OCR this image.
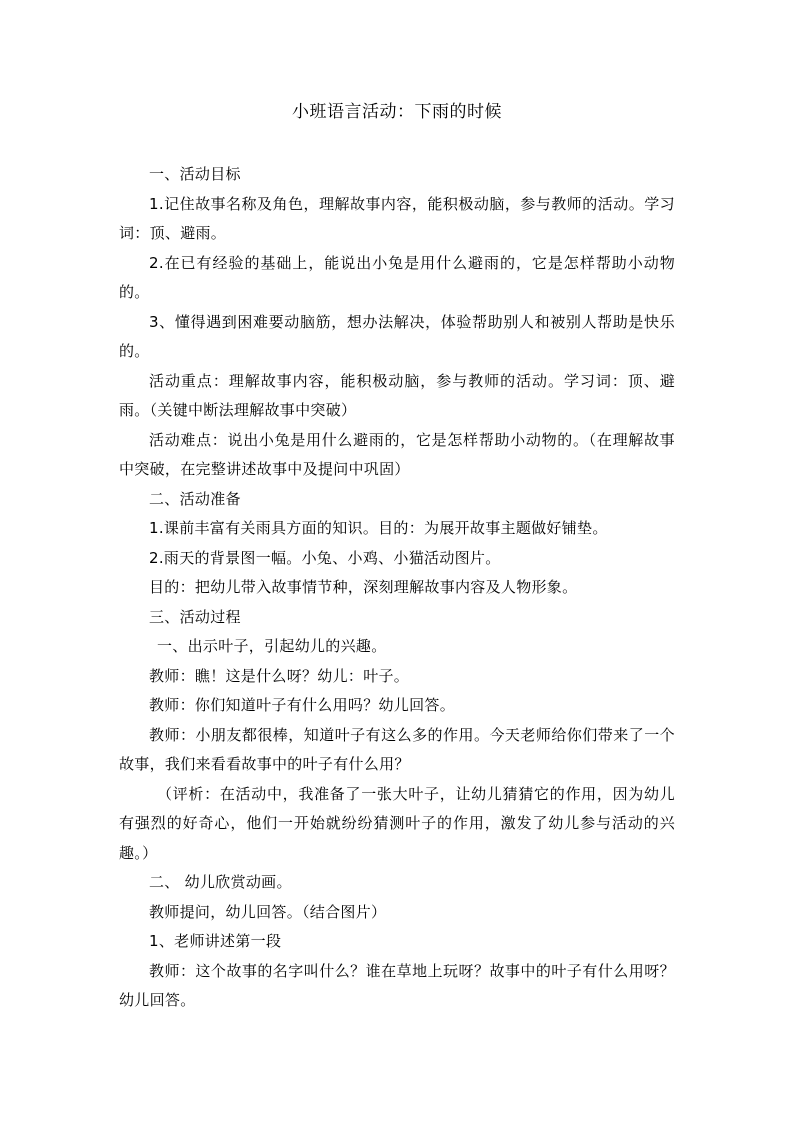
小班语言活动：下雨的时候

一、活动目标

1.记住故事名称及角色，理解故事内容，能积极动脑，参与教师的活动。学习词：顶、避雨。

2.在已有经验的基础上，能说出小兔是用什么避雨的，它是怎样帮助小动物的。

3、懂得遇到困难要动脑筋，想办法解决，体验帮助别人和被别人帮助是快乐的。

活动重点：理解故事内容，能积极动脑，参与教师的活动。学习词：顶、避雨。（关键中断法理解故事中突破）

活动难点：说出小兔是用什么避雨的，它是怎样帮助小动物的。（在理解故事中突破，在完整讲述故事中及提问中巩固）

二、活动准备

1.课前丰富有关雨具方面的知识。目的：为展开故事主题做好铺垫。

2.雨天的背景图一幅。小兔、小鸡、小猫活动图片。

目的：把幼儿带入故事情节种，深刻理解故事内容及人物形象。

三、活动过程

一、出示叶子，引起幼儿的兴趣。

教师：瞧！这是什么呀？幼儿：叶子。

教师：你们知道叶子有什么用吗？幼儿回答。

教师：小朋友都很棒，知道叶子有这么多的作用。今天老师给你们带来了一个故事，我们来看看故事中的叶子有什么用？

（评析：在活动中，我准备了一张大叶子，让幼儿猜猜它的作用，因为幼儿有强烈的好奇心，他们一开始就纷纷猜测叶子的作用，激发了幼儿参与活动的兴趣。）

二、 幼儿欣赏动画。

教师提问，幼儿回答。（结合图片）

1、老师讲述第一段

教师：这个故事的名字叫什么？谁在草地上玩呀？故事中的叶子有什么用呀？幼儿回答。
